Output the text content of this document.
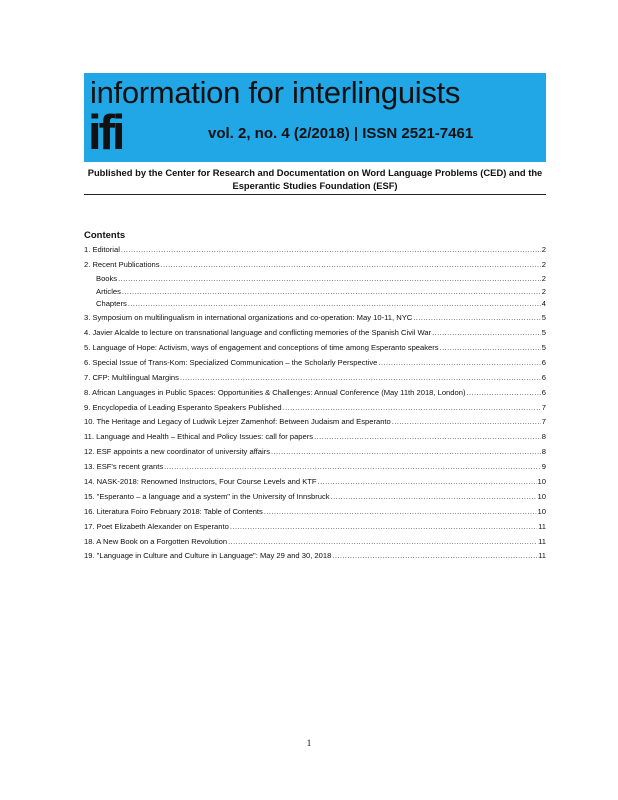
information for interlinguists
ifi	vol. 2, no. 4 (2/2018) | ISSN 2521-7461
Published by the Center for Research and Documentation on Word Language Problems (CED) and the Esperantic Studies Foundation (ESF)
Contents
1. Editorial .....	2
2. Recent Publications .....	2
Books .....	2
Articles .....	2
Chapters .....	4
3. Symposium on multilingualism in international organizations and co-operation: May 10-11, NYC .....	5
4. Javier Alcalde to lecture on transnational language and conflicting memories of the Spanish Civil War .....	5
5. Language of Hope: Activism, ways of engagement and conceptions of time among Esperanto speakers .....	5
6. Special Issue of Trans-Kom: Specialized Communication – the Scholarly Perspective .....	6
7. CFP: Multilingual Margins .....	6
8. African Languages in Public Spaces: Opportunities & Challenges: Annual Conference (May 11th 2018, London) .....	6
9. Encyclopedia of Leading Esperanto Speakers Published .....	7
10. The Heritage and Legacy of Ludwik Lejzer Zamenhof: Between Judaism and Esperanto .....	7
11. Language and Health – Ethical and Policy Issues: call for papers .....	8
12. ESF appoints a new coordinator of university affairs .....	8
13. ESF's recent grants .....	9
14. NASK-2018: Renowned Instructors, Four Course Levels and KTF .....	10
15. "Esperanto – a language and a system" in the University of Innsbruck .....	10
16. Literatura Foiro February 2018: Table of Contents .....	10
17. Poet Elizabeth Alexander on Esperanto .....	11
18. A New Book on a Forgotten Revolution .....	11
19. "Language in Culture and Culture in Language": May 29 and 30, 2018 .....	11
1
